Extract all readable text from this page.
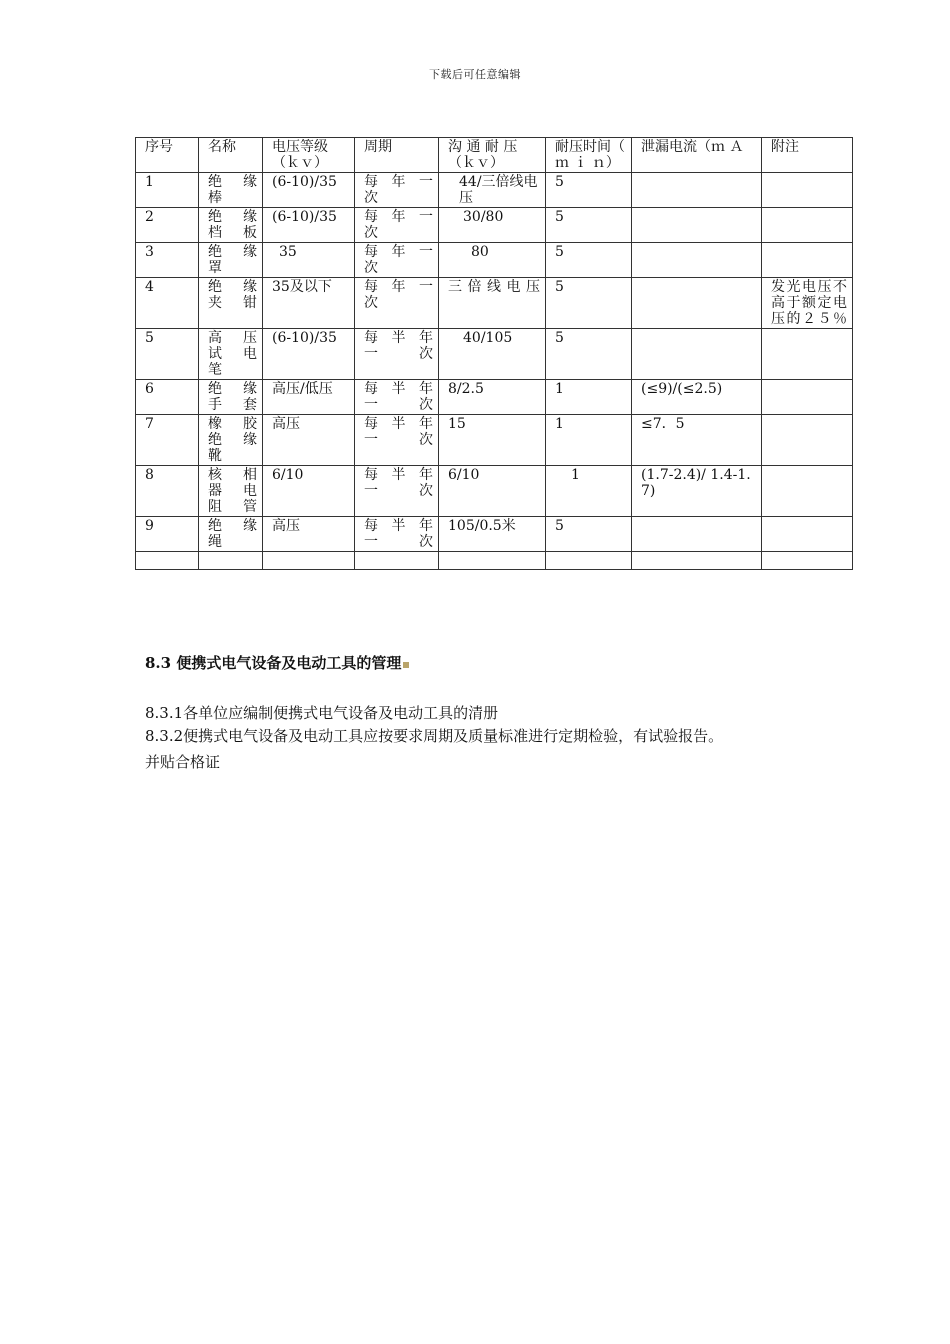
下载后可任意编辑
序号	名称	电压等级（ｋｖ）	周期	沟 通 耐 压（ｋｖ）	耐压时间（ ｍ ｉ ｎ）	泄漏电流（ｍ Ａ	附注
1	绝 缘 棒	(6-10)/35	每 年 一 次	44/三倍线电压	5		
2	绝 缘 档板	(6-10)/35	每 年 一 次	30/80	5		
3	绝 缘 罩	35	每 年 一 次	80	5		
4	绝 缘 夹钳	35及以下	每 年 一 次	三倍线电压	5		发光电压不高于额定电压的２５％
5	高 压 试 电 笔	(6-10)/35	每 半 年 一次	40/105	5		
6	绝 缘 手套	高压/低压	每 半 年 一次	8/2.5	1	(≤9)/(≤2.5)	
7	橡 胶 绝 缘 靴	高压	每 半 年 一次	15	1	≤7．5	
8	核 相 器 电 阻管	6/10	每 半 年 一次	6/10	1	(1.7-2.4)/ 1.4-1.7)	
9	绝 缘 绳	高压	每 半 年 一次	105/0.5米	5		

8.3 便携式电气设备及电动工具的管理
8.3.1各单位应编制便携式电气设备及电动工具的清册
8.3.2便携式电气设备及电动工具应按要求周期及质量标准进行定期检验，有试验报告。
并贴合格证
